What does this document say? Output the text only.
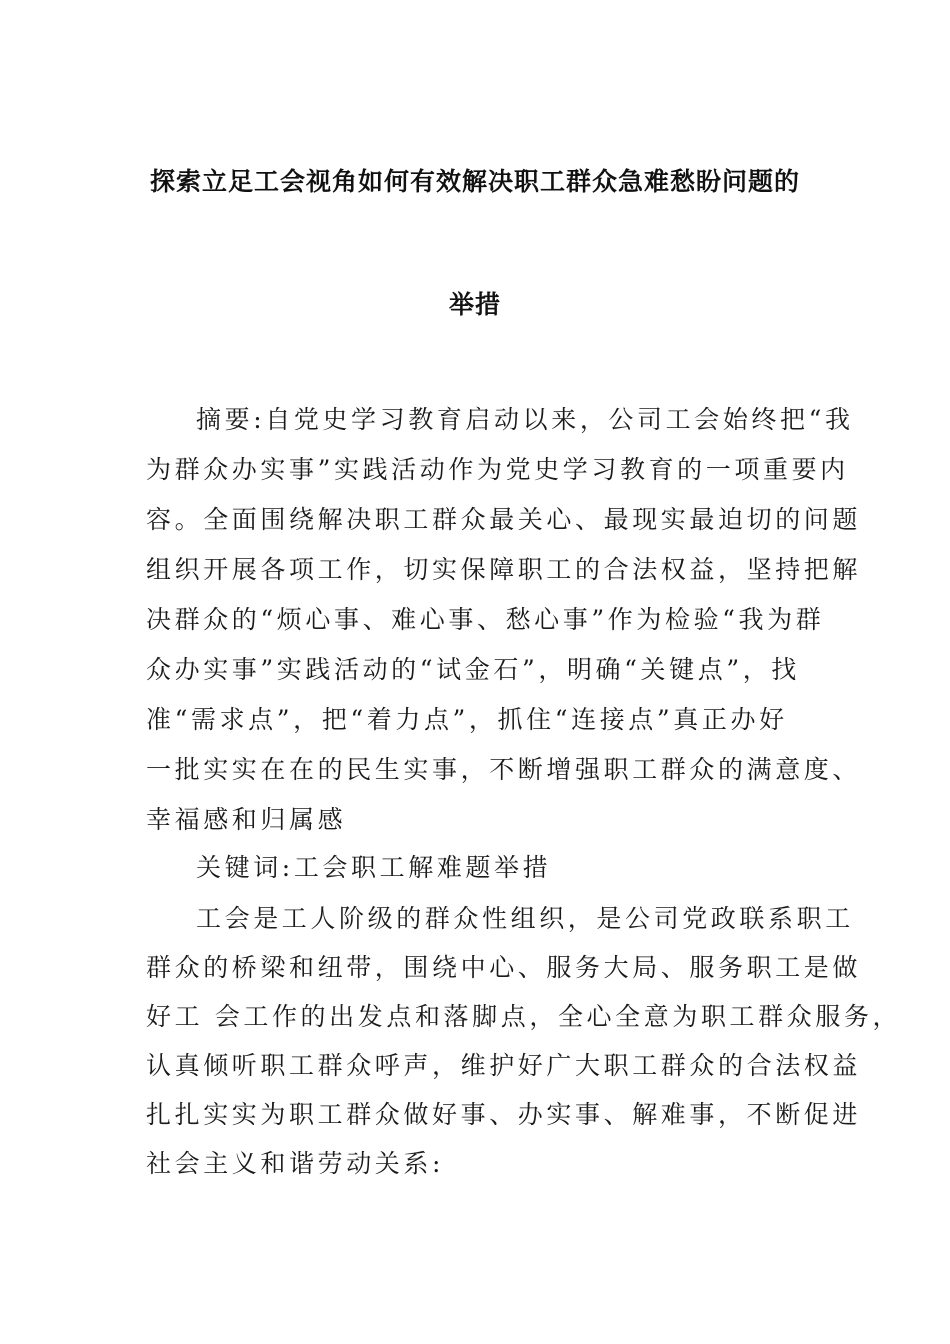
探索立足工会视角如何有效解决职工群众急难愁盼问题的
举措
摘要:自党史学习教育启动以来，公司工会始终把“我
为群众办实事”实践活动作为党史学习教育的一项重要内
容。全面围绕解决职工群众最关心、最现实最迫切的问题
组织开展各项工作，切实保障职工的合法权益，坚持把解
决群众的“烦心事、难心事、愁心事”作为检验“我为群
众办实事”实践活动的“试金石”，明确“关键点”，找
准“需求点”，把“着力点”，抓住“连接点”真正办好
一批实实在在的民生实事，不断增强职工群众的满意度、
幸福感和归属感
关键词:工会职工解难题举措
工会是工人阶级的群众性组织，是公司党政联系职工
群众的桥梁和纽带，围绕中心、服务大局、服务职工是做
好工 会工作的出发点和落脚点，全心全意为职工群众服务，
认真倾听职工群众呼声，维护好广大职工群众的合法权益
扎扎实实为职工群众做好事、办实事、解难事，不断促进
社会主义和谐劳动关系:
